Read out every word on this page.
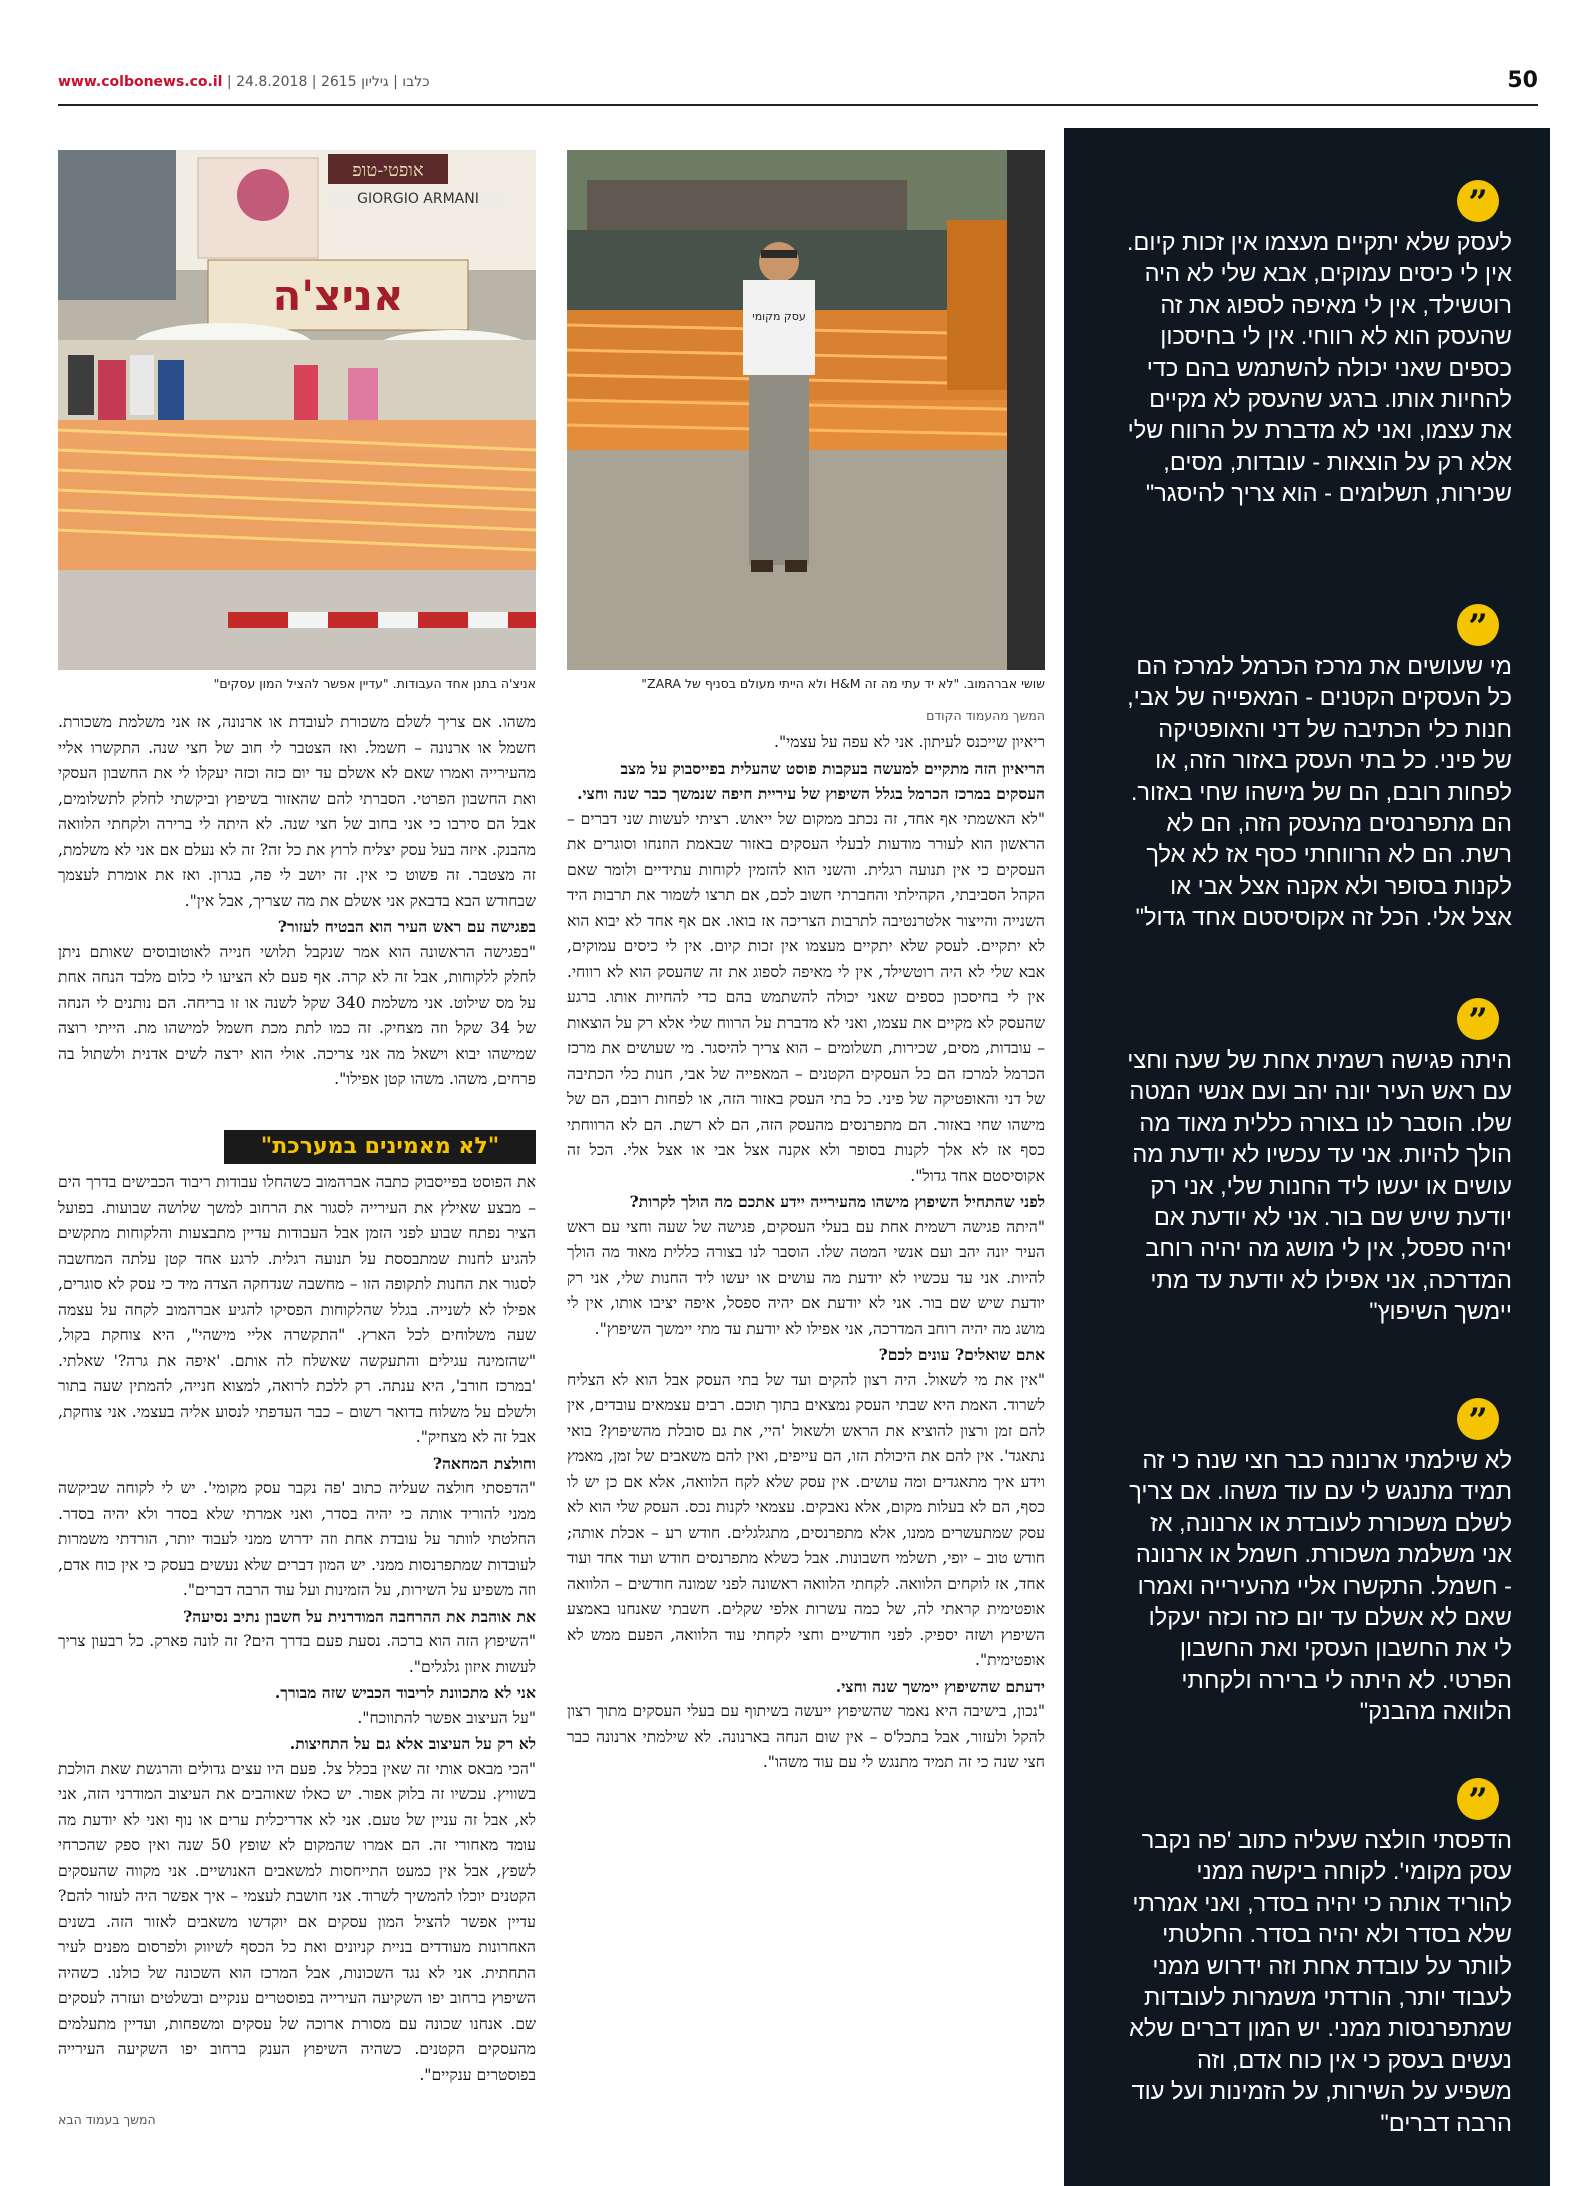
www.colbonews.co.il | כלבו | גיליון 2615 | 24.8.2018	50
אופטי-טופ
GIORGIO ARMANI
אניצ'ה
אניצ'ה בתנן אחד העבודות. "עדיין אפשר להציל המון עסקים"
עסק מקומי
שושי אברהמוב. "לא יד עתי מה זה H&M ולא הייתי מעולם בסניף של ZARA"
המשך מהעמוד הקודם

ריאיון שייכנס לעיתון. אני לא עפה על עצמי".

הריאיון הזה מתקיים למעשה בעקבות פוסט שהעלית בפייסבוק על מצב העסקים במרכז הכרמל בגלל השיפוץ של עיריית חיפה שנמשך כבר שנה וחצי.

"לא האשמתי אף אחד, זה נכתב ממקום של ייאוש. רציתי לעשות שני דברים – הראשון הוא לעורר מודעות לבעלי העסקים באזור שבאמת הוזנחו וסוגרים את העסקים כי אין תנועה רגלית. והשני הוא להזמין לקוחות עתידיים ולומר שאם הקהל הסביבתי, הקהילתי והחברתי חשוב לכם, אם תרצו לשמור את תרבות היד השנייה והייצור אלטרנטיבה לתרבות הצריכה אז בואו. אם אף אחד לא יבוא הוא לא יתקיים. לעסק שלא יתקיים מעצמו אין זכות קיום. אין לי כיסים עמוקים, אבא שלי לא היה רוטשילד, אין לי מאיפה לספוג את זה שהעסק הוא לא רווחי. אין לי בחיסכון כספים שאני יכולה להשתמש בהם כדי להחיות אותו. ברגע שהעסק לא מקיים את עצמו, ואני לא מדברת על הרווח שלי אלא רק על הוצאות – עובדות, מסים, שכירות, תשלומים – הוא צריך להיסגר. מי שעושים את מרכז הכרמל למרכז הם כל העסקים הקטנים – המאפייה של אבי, חנות כלי הכתיבה של דני והאופטיקה של פיני. כל בתי העסק באזור הזה, או לפחות רובם, הם של מישהו שחי באזור. הם מתפרנסים מהעסק הזה, הם לא רשת. הם לא הרווחתי כסף אז לא אלך לקנות בסופר ולא אקנה אצל אבי או אצל אלי. הכל זה אקוסיסטם אחד גדול".

לפני שהתחיל השיפוץ מישהו מהעירייה יידע אתכם מה הולך לקרות?

"היתה פגישה רשמית אחת עם בעלי העסקים, פגישה של שעה וחצי עם ראש העיר יונה יהב ועם אנשי המטה שלו. הוסבר לנו בצורה כללית מאוד מה הולך להיות. אני עד עכשיו לא יודעת מה עושים או יעשו ליד החנות שלי, אני רק יודעת שיש שם בור. אני לא יודעת אם יהיה ספסל, איפה יציבו אותו, אין לי מושג מה יהיה רוחב המדרכה, אני אפילו לא יודעת עד מתי יימשך השיפוץ".

אתם שואלים? עונים לכם?

"אין את מי לשאול. היה רצון להקים ועד של בתי העסק אבל הוא לא הצליח לשרוד. האמת היא שבתי העסק נמצאים בתוך תוכם. רבים עצמאים עובדים, אין להם זמן ורצון להוציא את הראש ולשאול 'היי, את גם סובלת מהשיפוץ? בואי נתאגד'. אין להם את היכולת הזו, הם עייפים, ואין להם משאבים של זמן, מאמץ וידע איך מתאגדים ומה עושים. אין עסק שלא לקח הלוואה, אלא אם כן יש לו כסף, הם לא בעלות מקום, אלא נאבקים. עצמאי לקנות נכס. העסק שלי הוא לא עסק שמתעשרים ממנו, אלא מתפרנסים, מתגלגלים. חודש רע – אכלת אותה; חודש טוב – יופי, תשלמי חשבונות. אבל כשלא מתפרנסים חודש ועוד אחד ועוד אחד, אז לוקחים הלוואה. לקחתי הלוואה ראשונה לפני שמונה חודשים – הלוואה אופטימית קראתי לה, של כמה עשרות אלפי שקלים. חשבתי שאנחנו באמצע השיפוץ ושזה יספיק. לפני חודשיים וחצי לקחתי עוד הלוואה, הפעם ממש לא אופטימית".

ידעתם שהשיפוץ יימשך שנה וחצי.

"נכון, בישיבה היא נאמר שהשיפוץ ייעשה בשיתוף עם בעלי העסקים מתוך רצון להקל ולעזור, אבל בתכל'ס – אין שום הנחה בארנונה. לא שילמתי ארנונה כבר חצי שנה כי זה תמיד מתנגש לי עם עוד משהו".

משהו. אם צריך לשלם משכורת לעובדת או ארנונה, אז אני משלמת משכורת. חשמל או ארנונה – חשמל. ואז הצטבר לי חוב של חצי שנה. התקשרו אליי מהעירייה ואמרו שאם לא אשלם עד יום כזה וכזה יעקלו לי את החשבון העסקי ואת החשבון הפרטי. הסברתי להם שהאזור בשיפוץ וביקשתי לחלק לתשלומים, אבל הם סירבו כי אני בחוב של חצי שנה. לא היתה לי ברירה ולקחתי הלוואה מהבנק. איזה בעל עסק יצליח לרוץ את כל זה? זה לא נעלם אם אני לא משלמת, זה מצטבר. זה פשוט כי אין. זה יושב לי פה, בגרון. ואז את אומרת לעצמך שבחודש הבא בדבאק אני אשלם את מה שצריך, אבל אין".

בפגישה עם ראש העיר הוא הבטיח לעזור?

"בפגישה הראשונה הוא אמר שנקבל תלושי חנייה לאוטובוסים שאותם ניתן לחלק ללקוחות, אבל זה לא קרה. אף פעם לא הציעו לי כלום מלבד הנחה אחת על מס שילוט. אני משלמת 340 שקל לשנה או זו בריחה. הם נותנים לי הנחה של 34 שקל וזה מצחיק. זה כמו לתת מכת חשמל למישהו מת. הייתי רוצה שמישהו יבוא וישאל מה אני צריכה. אולי הוא ירצה לשים אדנית ולשתול בה פרחים, משהו. משהו קטן אפילו".

"לא מאמינים במערכת"

את הפוסט בפייסבוק כתבה אברהמוב כשהחלו עבודות ריבוד הכבישים בדרך הים – מבצע שאילץ את העירייה לסגור את הרחוב למשך שלושה שבועות. בפועל הציר נפתח שבוע לפני הזמן אבל העבודות עדיין מתבצעות והלקוחות מתקשים להגיע לחנות שמתבססת על תנועה רגלית. לרגע אחד קטן עלתה המחשבה לסגור את החנות לתקופה הזו – מחשבה שנדחקה הצדה מיד כי עסק לא סוגרים, אפילו לא לשנייה. בגלל שהלקוחות הפסיקו להגיע אברהמוב לקחה על עצמה שעה משלוחים לכל הארץ. "התקשרה אליי מישהי", היא צוחקת בקול, "שהזמינה עגילים והתעקשה שאשלח לה אותם. 'איפה את גרה?' שאלתי. 'במרכז חורב', היא ענתה. רק ללכת לרואה, למצוא חנייה, להמתין שעה בתור ולשלם על משלוח בדואר רשום – כבר העדפתי לנסוע אליה בעצמי. אני צוחקת, אבל זה לא מצחיק".

וחולצת המחאה?

"הדפסתי חולצה שעליה כתוב 'פה נקבר עסק מקומי'. יש לי לקוחה שביקשה ממני להוריד אותה כי יהיה בסדר, ואני אמרתי שלא בסדר ולא יהיה בסדר. החלטתי לוותר על עובדת אחת וזה ידרוש ממני לעבוד יותר, הורדתי משמרות לעובדות שמתפרנסות ממני. יש המון דברים שלא נעשים בעסק כי אין כוח אדם, וזה משפיע על השירות, על הזמינות ועל עוד הרבה דברים".

את אוהבת את ההרחבה המודרנית על חשבון נתיב נסיעה?

"השיפוץ הזה הוא ברכה. נסעת פעם בדרך הים? זה לונה פארק. כל רבעון צריך לעשות איזון גלגלים".

אני לא מתכוונת לריבוד הכביש שזה מבורך.

"על העיצוב אפשר להתווכח".

לא רק על העיצוב אלא גם על התחיצות.

"הכי מבאס אותי זה שאין בכלל צל. פעם היו עצים גדולים והרגשת שאת הולכת בשוויץ. עכשיו זה בלוק אפור. יש כאלו שאוהבים את העיצוב המודרני הזה, אני לא, אבל זה עניין של טעם. אני לא אדריכלית ערים או נוף ואני לא יודעת מה עומד מאחורי זה. הם אמרו שהמקום לא שופץ 50 שנה ואין ספק שהכרחי לשפץ, אבל אין כמעט התייחסות למשאבים האנושיים. אני מקווה שהעסקים הקטנים יוכלו להמשיך לשרוד. אני חושבת לעצמי – איך אפשר היה לעזור להם? עדיין אפשר להציל המון עסקים אם יוקדשו משאבים לאזור הזה. בשנים האחרונות מעודדים בניית קניונים ואת כל הכסף לשיווק ולפרסום מפנים לעיר התחתית. אני לא נגד השכונות, אבל המרכז הוא השכונה של כולנו. כשהיה השיפוץ ברחוב יפו השקיעה העירייה בפוסטרים ענקיים ובשלטים ועזרה לעסקים שם. אנחנו שכונה עם מסורת ארוכה של עסקים ומשפחות, ועדיין מתעלמים מהעסקים הקטנים. כשהיה השיפוץ הענק ברחוב יפו השקיעה העירייה בפוסטרים ענקיים".

המשך בעמוד הבא
”
לעסק שלא יתקיים מעצמו אין זכות קיום. אין לי כיסים עמוקים, אבא שלי לא היה רוטשילד, אין לי מאיפה לספוג את זה שהעסק הוא לא רווחי. אין לי בחיסכון כספים שאני יכולה להשתמש בהם כדי להחיות אותו. ברגע שהעסק לא מקיים את עצמו, ואני לא מדברת על הרווח שלי אלא רק על הוצאות - עובדות, מסים, שכירות, תשלומים - הוא צריך להיסגר"
”
מי שעושים את מרכז הכרמל למרכז הם כל העסקים הקטנים - המאפייה של אבי, חנות כלי הכתיבה של דני והאופטיקה של פיני. כל בתי העסק באזור הזה, או לפחות רובם, הם של מישהו שחי באזור. הם מתפרנסים מהעסק הזה, הם לא רשת. הם לא הרווחתי כסף אז לא אלך לקנות בסופר ולא אקנה אצל אבי או אצל אלי. הכל זה אקוסיסטם אחד גדול"
”
היתה פגישה רשמית אחת של שעה וחצי עם ראש העיר יונה יהב ועם אנשי המטה שלו. הוסבר לנו בצורה כללית מאוד מה הולך להיות. אני עד עכשיו לא יודעת מה עושים או יעשו ליד החנות שלי, אני רק יודעת שיש שם בור. אני לא יודעת אם יהיה ספסל, אין לי מושג מה יהיה רוחב המדרכה, אני אפילו לא יודעת עד מתי יימשך השיפוץ"
”
לא שילמתי ארנונה כבר חצי שנה כי זה תמיד מתנגש לי עם עוד משהו. אם צריך לשלם משכורת לעובדת או ארנונה, אז אני משלמת משכורת. חשמל או ארנונה - חשמל. התקשרו אליי מהעירייה ואמרו שאם לא אשלם עד יום כזה וכזה יעקלו לי את החשבון העסקי ואת החשבון הפרטי. לא היתה לי ברירה ולקחתי הלוואה מהבנק"
”
הדפסתי חולצה שעליה כתוב 'פה נקבר עסק מקומי'. לקוחה ביקשה ממני להוריד אותה כי יהיה בסדר, ואני אמרתי שלא בסדר ולא יהיה בסדר. החלטתי לוותר על עובדת אחת וזה ידרוש ממני לעבוד יותר, הורדתי משמרות לעובדות שמתפרנסות ממני. יש המון דברים שלא נעשים בעסק כי אין כוח אדם, וזה משפיע על השירות, על הזמינות ועל עוד הרבה דברים"
